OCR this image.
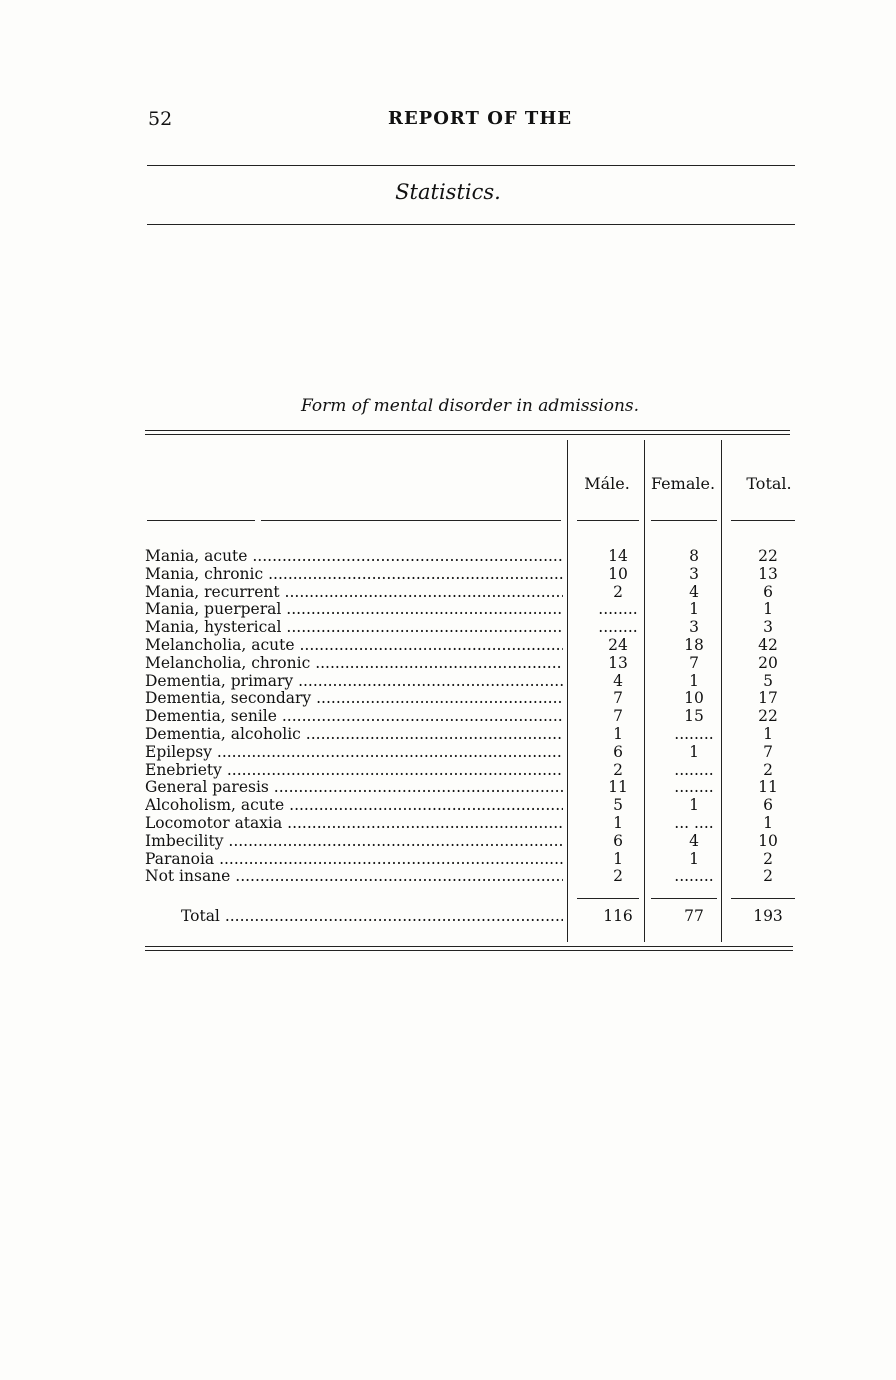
52	REPORT OF THE
Statistics.
Form of mental disorder in admissions.
Mále.	Female.	Total.
Mania, acute .....	14	8	22
Mania, chronic .....	10	3	13
Mania, recurrent .....	2	4	6
Mania, puerperal .....	........	1	1
Mania, hysterical .....	........	3	3
Melancholia, acute .....	24	18	42
Melancholia, chronic .....	13	7	20
Dementia, primary .....	4	1	5
Dementia, secondary .....	7	10	17
Dementia, senile .....	7	15	22
Dementia, alcoholic .....	1	........	1
Epilepsy .....	6	1	7
Enebriety .....	2	........	2
General paresis .....	11	........	11
Alcoholism, acute .....	5	1	6
Locomotor ataxia .....	1	... ....	1
Imbecility .....	6	4	10
Paranoia .....	1	1	2
Not insane .....	2	........	2
Total .....	116	77	193
